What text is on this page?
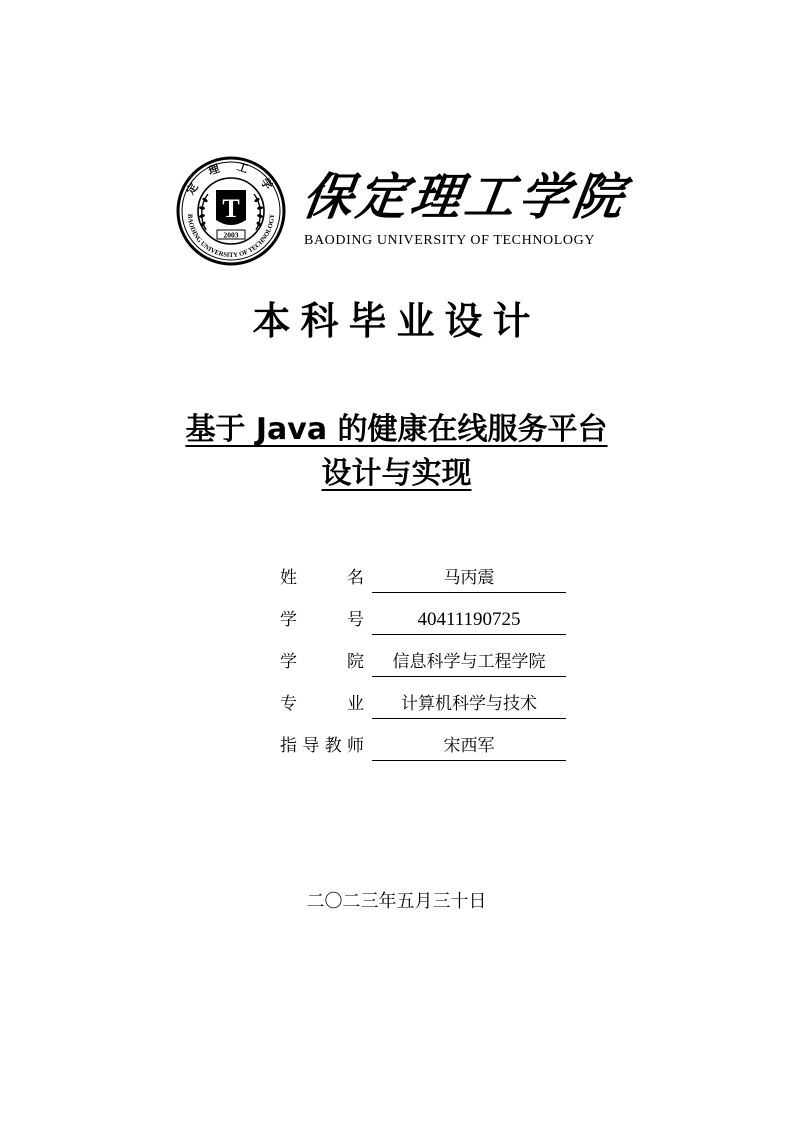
定 理 工 学
BAODING UNIVERSITY OF TECHNOLOGY
T
2003
保定理工学院
BAODING UNIVERSITY OF TECHNOLOGY
本科毕业设计
基于 Java 的健康在线服务平台
设计与实现
姓　　名	马丙震
学　　号	40411190725
学　　院	信息科学与工程学院
专　　业	计算机科学与技术
指导教师	宋西军
二〇二三年五月三十日
